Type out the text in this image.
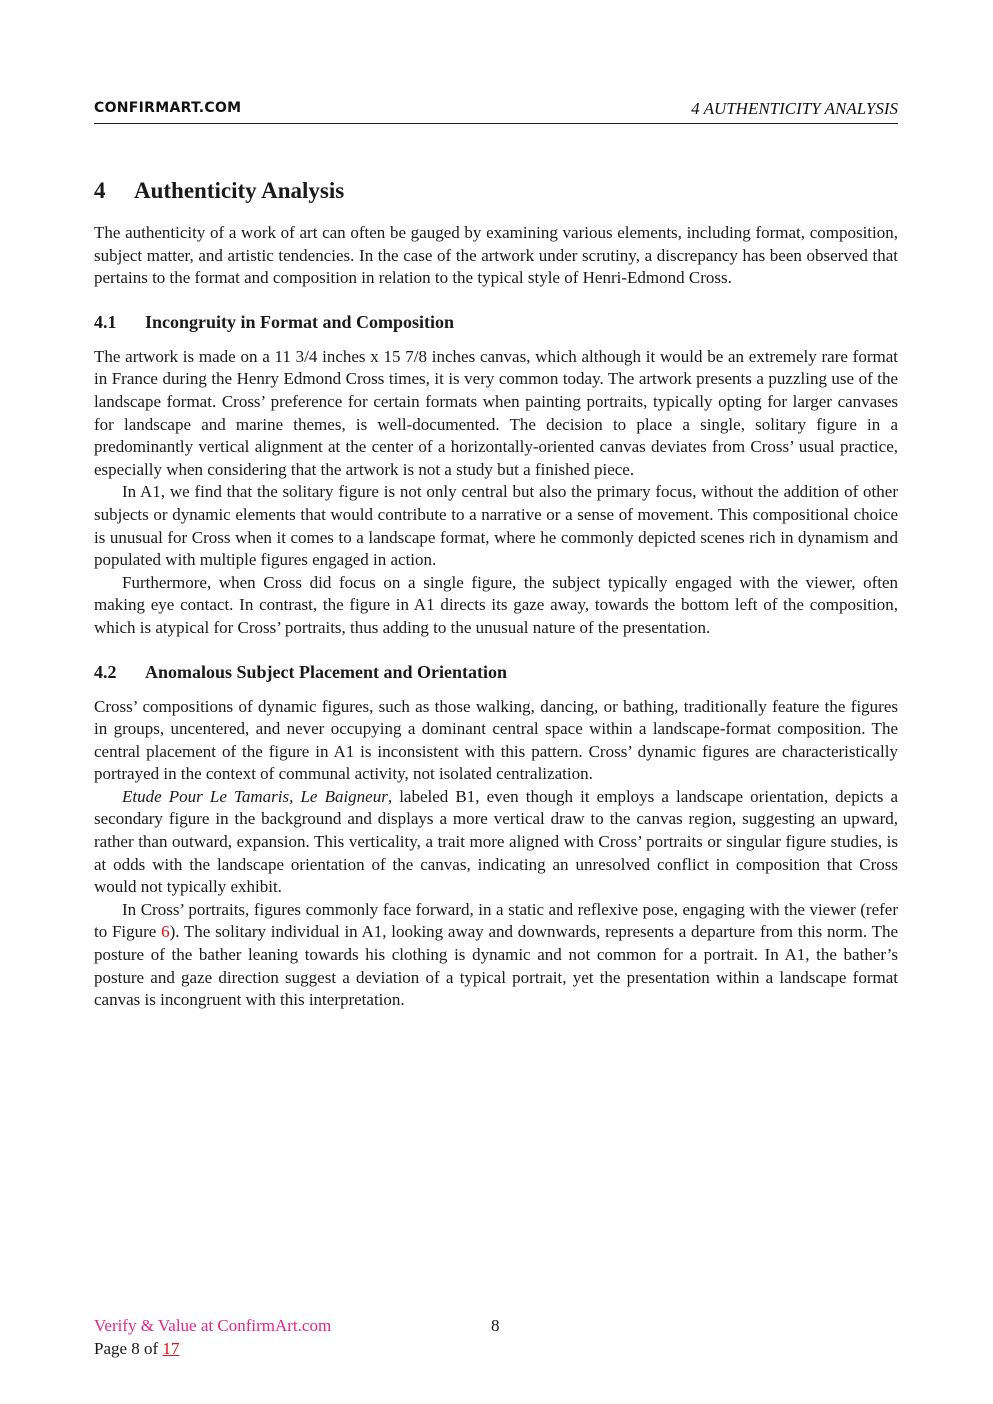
CONFIRMART.COM	4 AUTHENTICITY ANALYSIS
4 Authenticity Analysis

The authenticity of a work of art can often be gauged by examining various elements, including format, composition, subject matter, and artistic tendencies. In the case of the artwork under scrutiny, a discrepancy has been observed that pertains to the format and composition in relation to the typical style of Henri-Edmond Cross.

4.1 Incongruity in Format and Composition

The artwork is made on a 11 3/4 inches x 15 7/8 inches canvas, which although it would be an extremely rare format in France during the Henry Edmond Cross times, it is very common today. The artwork presents a puzzling use of the landscape format. Cross’ preference for certain formats when painting portraits, typically opting for larger canvases for landscape and marine themes, is well-documented. The decision to place a single, solitary figure in a predominantly vertical alignment at the center of a horizontally-oriented canvas deviates from Cross’ usual practice, especially when considering that the artwork is not a study but a finished piece.

In A1, we find that the solitary figure is not only central but also the primary focus, without the addition of other subjects or dynamic elements that would contribute to a narrative or a sense of movement. This compositional choice is unusual for Cross when it comes to a landscape format, where he commonly depicted scenes rich in dynamism and populated with multiple figures engaged in action.

Furthermore, when Cross did focus on a single figure, the subject typically engaged with the viewer, often making eye contact. In contrast, the figure in A1 directs its gaze away, towards the bottom left of the composition, which is atypical for Cross’ portraits, thus adding to the unusual nature of the presentation.

4.2 Anomalous Subject Placement and Orientation

Cross’ compositions of dynamic figures, such as those walking, dancing, or bathing, traditionally feature the figures in groups, uncentered, and never occupying a dominant central space within a landscape-format composition. The central placement of the figure in A1 is inconsistent with this pattern. Cross’ dynamic figures are characteristically portrayed in the context of communal activity, not isolated centralization.

Etude Pour Le Tamaris, Le Baigneur, labeled B1, even though it employs a landscape orientation, depicts a secondary figure in the background and displays a more vertical draw to the canvas region, suggesting an upward, rather than outward, expansion. This verticality, a trait more aligned with Cross’ portraits or singular figure studies, is at odds with the landscape orientation of the canvas, indicating an unresolved conflict in composition that Cross would not typically exhibit.

In Cross’ portraits, figures commonly face forward, in a static and reflexive pose, engaging with the viewer (refer to Figure 6). The solitary individual in A1, looking away and downwards, represents a departure from this norm. The posture of the bather leaning towards his clothing is dynamic and not common for a portrait. In A1, the bather’s posture and gaze direction suggest a deviation of a typical portrait, yet the presentation within a landscape format canvas is incongruent with this interpretation.

Verify & Value at ConfirmArt.com	8
Page 8 of 17
